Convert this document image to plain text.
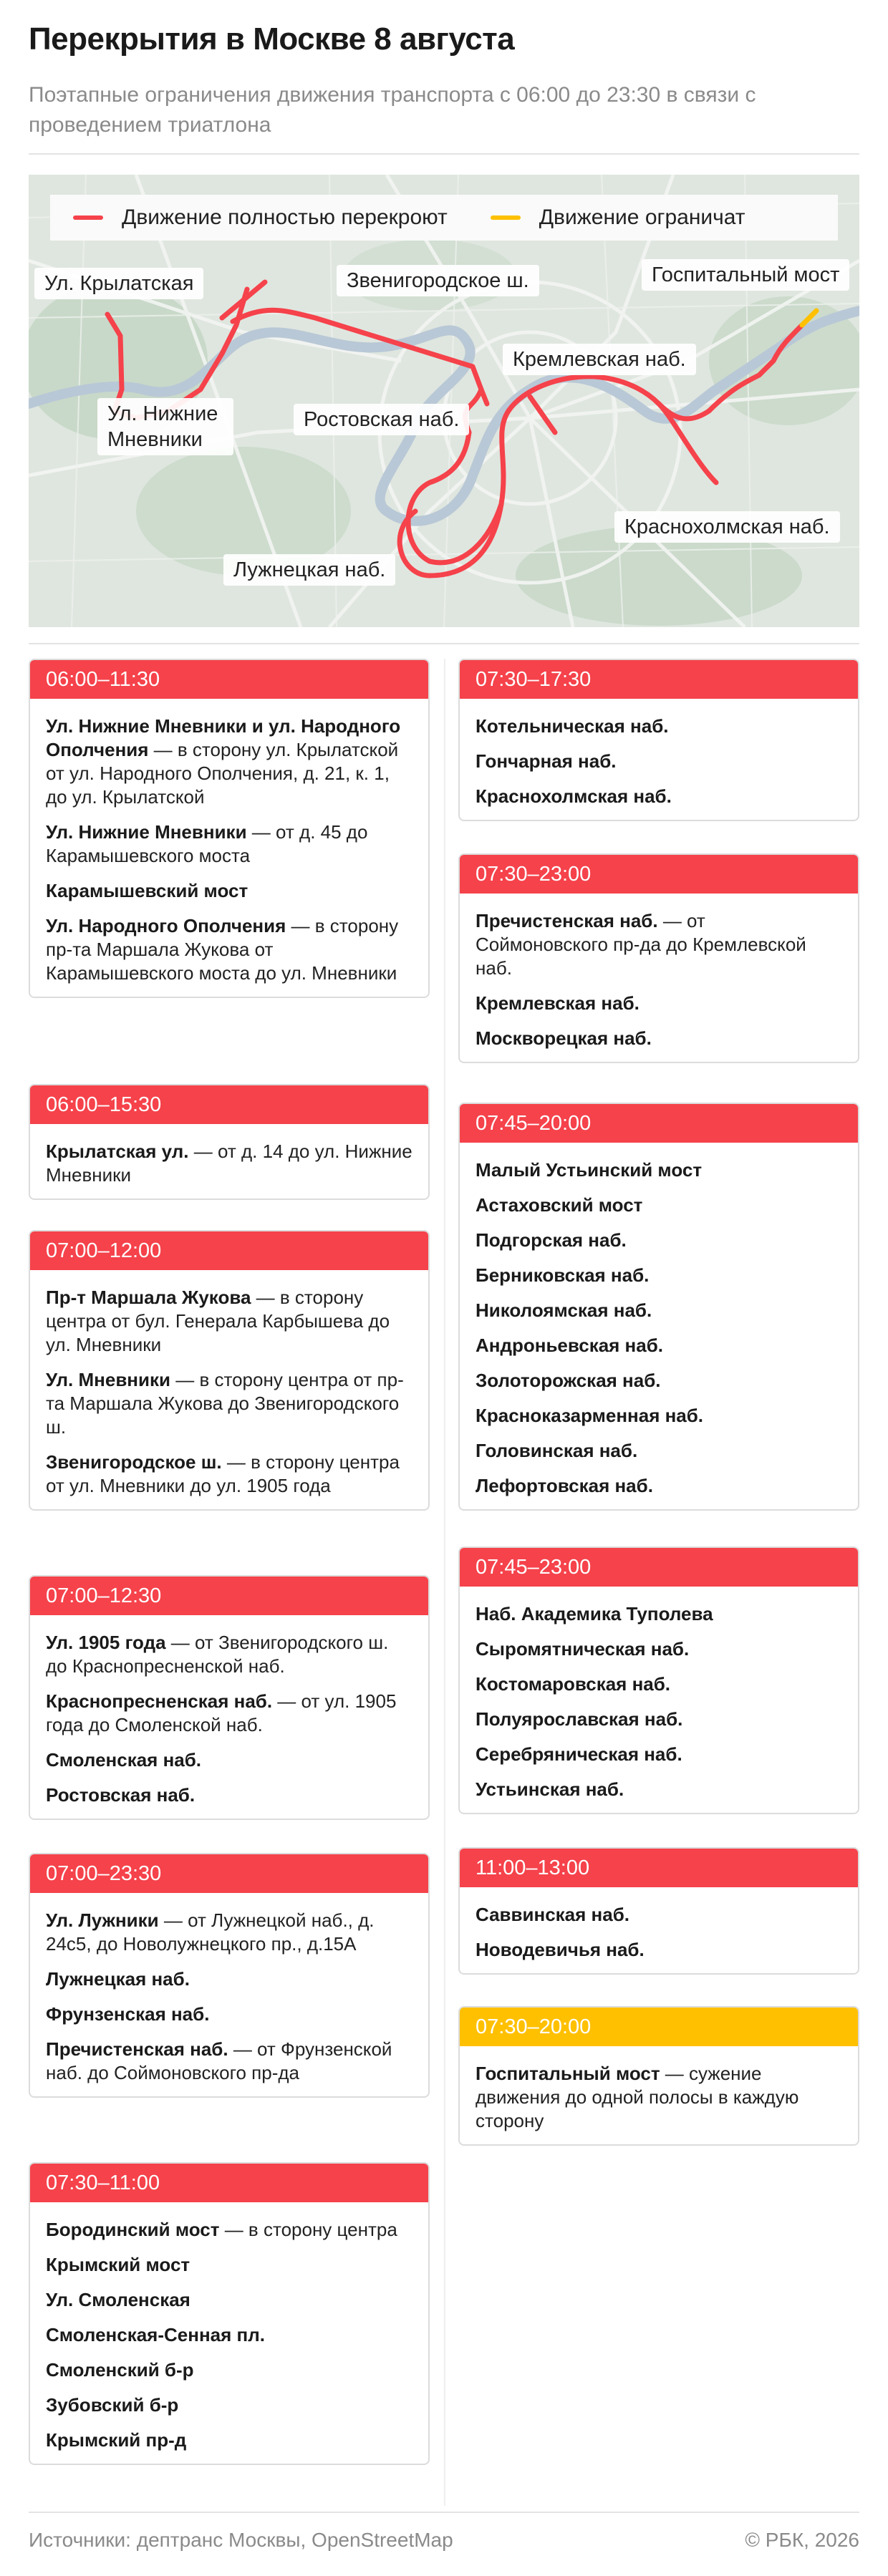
Перекрытия в Москве 8 августа
Поэтапные ограничения движения транспорта с 06:00 до 23:30 в связи с проведением триатлона
Движение полностью перекроют	Движение ограничат
Ул. Крылатская	Звенигородское ш.	Госпитальный мост
Кремлевская наб.
Ул. Нижние Мневники
Ростовская наб.
Краснохолмская наб.
Лужнецкая наб.
06:00–11:30
Ул. Нижние Мневники и ул. Народного Ополчения — в сторону ул. Крылатской от ул. Народного Ополчения, д. 21, к. 1, до ул. Крылатской
Ул. Нижние Мневники — от д. 45 до Карамышевского моста
Карамышевский мост
Ул. Народного Ополчения — в сторону пр-та Маршала Жукова от Карамышевского моста до ул. Мневники
06:00–15:30
Крылатская ул. — от д. 14 до ул. Нижние Мневники
07:00–12:00
Пр-т Маршала Жукова — в сторону центра от бул. Генерала Карбышева до ул. Мневники
Ул. Мневники — в сторону центра от пр-та Маршала Жукова до Звенигородского ш.
Звенигородское ш. — в сторону центра от ул. Мневники до ул. 1905 года
07:00–12:30
Ул. 1905 года — от Звенигородского ш. до Краснопресненской наб.
Краснопресненская наб. — от ул. 1905 года до Смоленской наб.
Смоленская наб.
Ростовская наб.
07:00–23:30
Ул. Лужники — от Лужнецкой наб., д. 24с5, до Новолужнецкого пр., д.15А
Лужнецкая наб.
Фрунзенская наб.
Пречистенская наб. — от Фрунзенской наб. до Соймоновского пр-да
07:30–11:00
Бородинский мост — в сторону центра
Крымский мост
Ул. Смоленская
Смоленская-Сенная пл.
Смоленский б-р
Зубовский б-р
Крымский пр-д
07:30–17:30
Котельническая наб.
Гончарная наб.
Краснохолмская наб.
07:30–23:00
Пречистенская наб. — от Соймоновского пр-да до Кремлевской наб.
Кремлевская наб.
Москворецкая наб.
07:45–20:00
Малый Устьинский мост
Астаховский мост
Подгорская наб.
Берниковская наб.
Николоямская наб.
Андроньевская наб.
Золоторожская наб.
Красноказарменная наб.
Головинская наб.
Лефортовская наб.
07:45–23:00
Наб. Академика Туполева
Сыромятническая наб.
Костомаровская наб.
Полуярославская наб.
Серебряническая наб.
Устьинская наб.
11:00–13:00
Саввинская наб.
Новодевичья наб.
07:30–20:00
Госпитальный мост — сужение движения до одной полосы в каждую сторону
Источники: дептранс Москвы, OpenStreetMap	© РБК, 2026
